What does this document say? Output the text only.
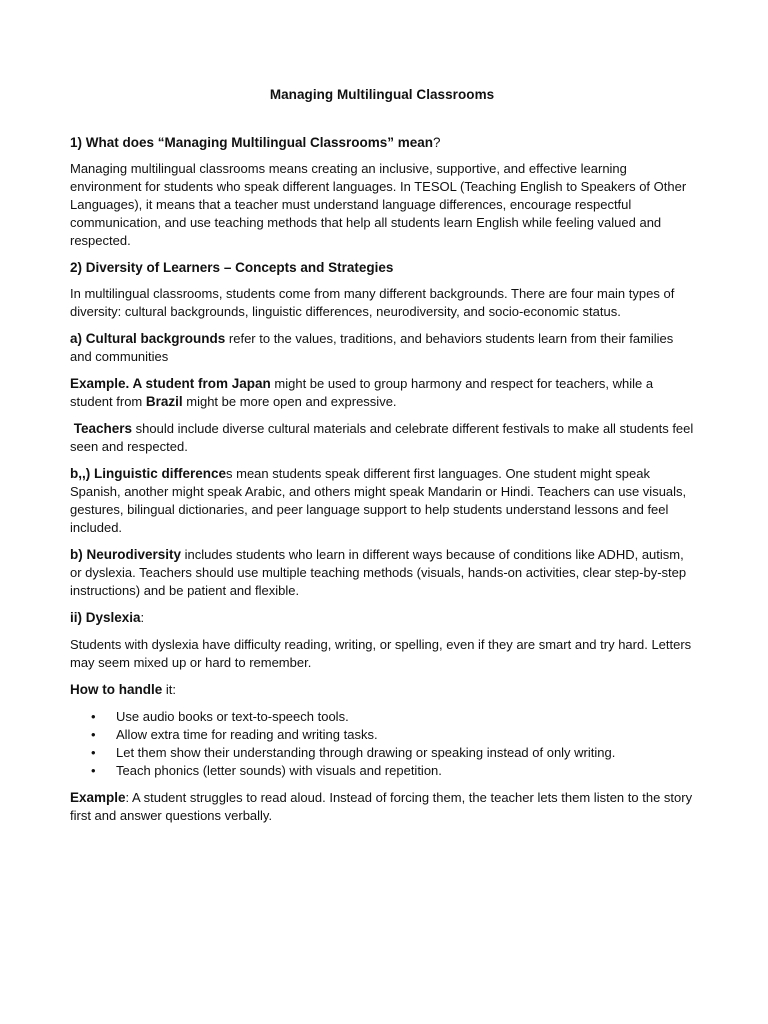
Managing Multilingual Classrooms
1) What does “Managing Multilingual Classrooms” mean?

Managing multilingual classrooms means creating an inclusive, supportive, and effective learning environment for students who speak different languages. In TESOL (Teaching English to Speakers of Other Languages), it means that a teacher must understand language differences, encourage respectful communication, and use teaching methods that help all students learn English while feeling valued and respected.

2) Diversity of Learners – Concepts and Strategies

In multilingual classrooms, students come from many different backgrounds. There are four main types of diversity: cultural backgrounds, linguistic differences, neurodiversity, and socio-economic status.

a) Cultural backgrounds refer to the values, traditions, and behaviors students learn from their families and communities

Example. A student from Japan might be used to group harmony and respect for teachers, while a student from Brazil might be more open and expressive.

Teachers should include diverse cultural materials and celebrate different festivals to make all students feel seen and respected.

b,,) Linguistic differences mean students speak different first languages. One student might speak Spanish, another might speak Arabic, and others might speak Mandarin or Hindi. Teachers can use visuals, gestures, bilingual dictionaries, and peer language support to help students understand lessons and feel included.

b) Neurodiversity includes students who learn in different ways because of conditions like ADHD, autism, or dyslexia. Teachers should use multiple teaching methods (visuals, hands-on activities, clear step-by-step instructions) and be patient and flexible.

ii) Dyslexia:

Students with dyslexia have difficulty reading, writing, or spelling, even if they are smart and try hard. Letters may seem mixed up or hard to remember.

How to handle it:

• Use audio books or text-to-speech tools.
• Allow extra time for reading and writing tasks.
• Let them show their understanding through drawing or speaking instead of only writing.
• Teach phonics (letter sounds) with visuals and repetition.

Example: A student struggles to read aloud. Instead of forcing them, the teacher lets them listen to the story first and answer questions verbally.
